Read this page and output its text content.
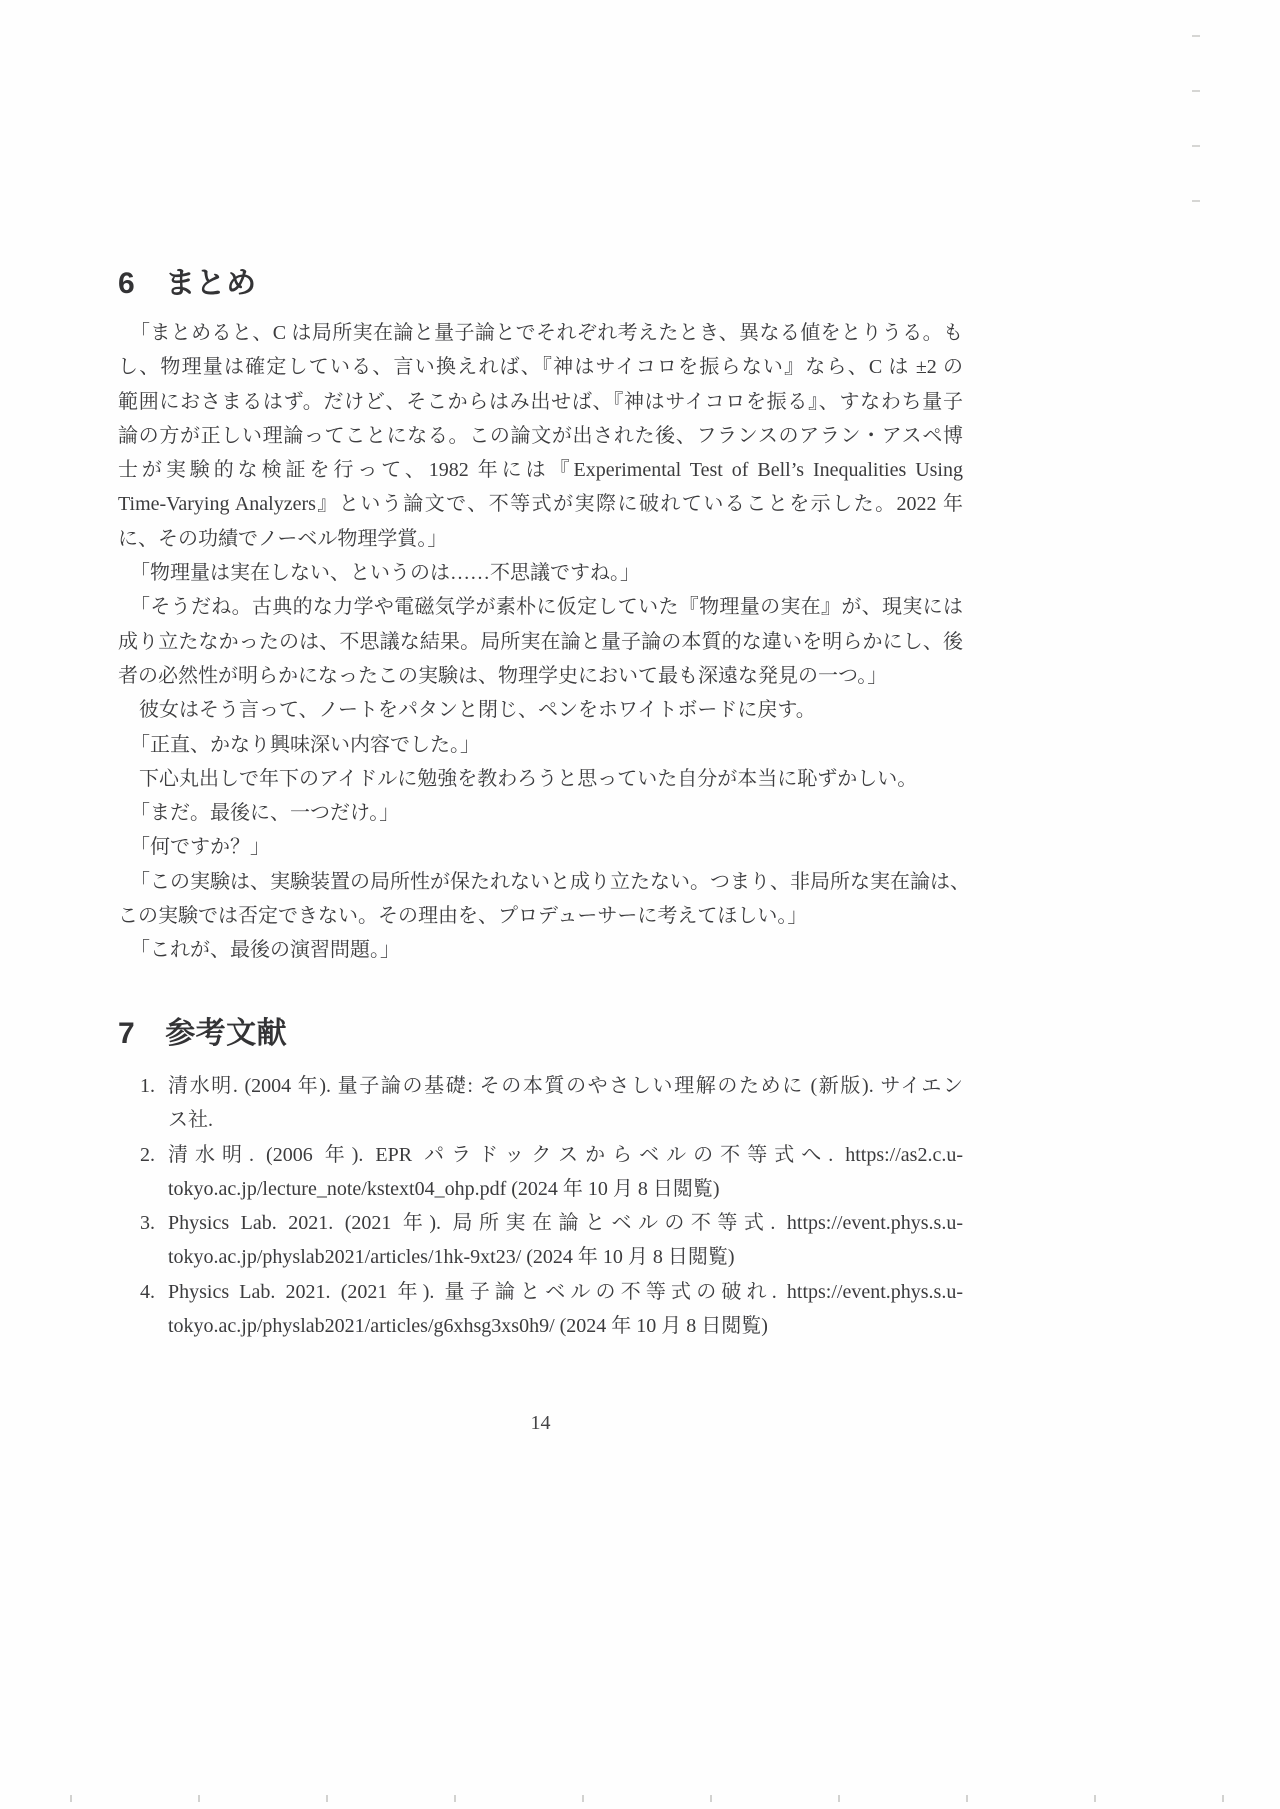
6 まとめ
「まとめると、C は局所実在論と量子論とでそれぞれ考えたとき、異なる値をとりうる。も
し、物理量は確定している、言い換えれば、『神はサイコロを振らない』なら、C は ±2 の
範囲におさまるはず。だけど、そこからはみ出せば、『神はサイコロを振る』、すなわち量子
論の方が正しい理論ってことになる。この論文が出された後、フランスのアラン・アスペ博
士が実験的な検証を行って、1982 年には『Experimental Test of Bell’s Inequalities Using
Time-Varying Analyzers』という論文で、不等式が実際に破れていることを示した。2022 年
に、その功績でノーベル物理学賞。」
「物理量は実在しない、というのは……不思議ですね。」
「そうだね。古典的な力学や電磁気学が素朴に仮定していた『物理量の実在』が、現実には
成り立たなかったのは、不思議な結果。局所実在論と量子論の本質的な違いを明らかにし、後
者の必然性が明らかになったこの実験は、物理学史において最も深遠な発見の一つ。」
彼女はそう言って、ノートをパタンと閉じ、ペンをホワイトボードに戻す。
「正直、かなり興味深い内容でした。」
下心丸出しで年下のアイドルに勉強を教わろうと思っていた自分が本当に恥ずかしい。
「まだ。最後に、一つだけ。」
「何ですか？」
「この実験は、実験装置の局所性が保たれないと成り立たない。つまり、非局所な実在論は、
この実験では否定できない。その理由を、プロデューサーに考えてほしい。」
「これが、最後の演習問題。」
7 参考文献
1. 清水明. (2004 年). 量子論の基礎: その本質のやさしい理解のために (新版). サイエン
ス社.
2. 清水明. (2006 年). EPR パラドックスからベルの不等式へ. https://as2.c.u-
tokyo.ac.jp/lecture_note/kstext04_ohp.pdf (2024 年 10 月 8 日閲覧)
3. Physics Lab. 2021. (2021 年). 局所実在論とベルの不等式. https://event.phys.s.u-
tokyo.ac.jp/physlab2021/articles/1hk-9xt23/ (2024 年 10 月 8 日閲覧)
4. Physics Lab. 2021. (2021 年). 量子論とベルの不等式の破れ. https://event.phys.s.u-
tokyo.ac.jp/physlab2021/articles/g6xhsg3xs0h9/ (2024 年 10 月 8 日閲覧)
14
